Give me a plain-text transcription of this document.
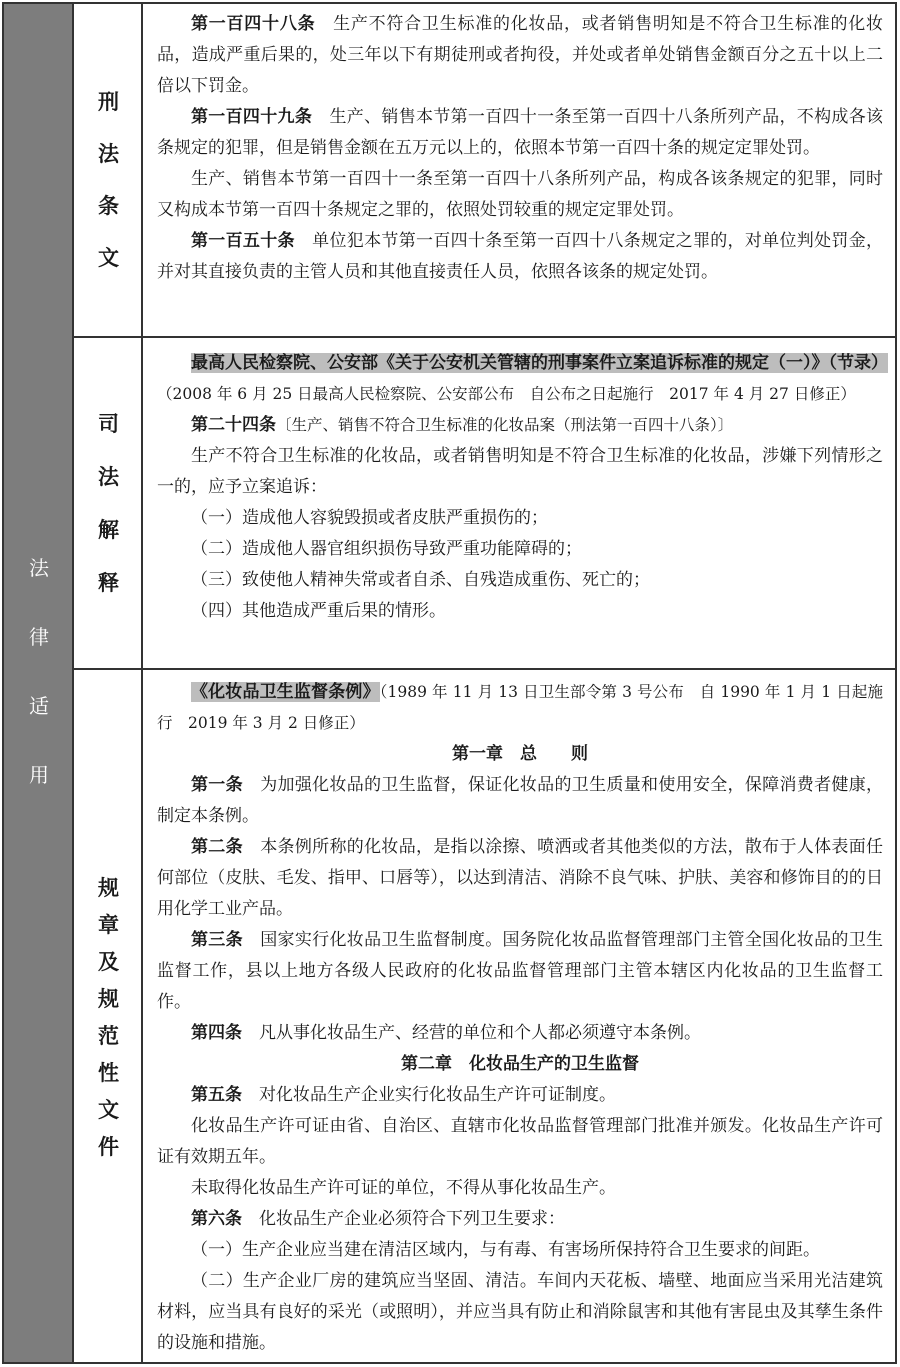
法
律
适
用
刑
法
条
文

第一百四十八条　 生产不符合卫生标准的化妆品，或者销售明知是不符合卫生标准的化妆品，造成严重后果的，处三年以下有期徒刑或者拘役，并处或者单处销售金额百分之五十以上二倍以下罚金。

第一百四十九条　 生产、销售本节第一百四十一条至第一百四十八条所列产品，不构成各该条规定的犯罪，但是销售金额在五万元以上的，依照本节第一百四十条的规定定罪处罚。

生产、销售本节第一百四十一条至第一百四十八条所列产品，构成各该条规定的犯罪，同时又构成本节第一百四十条规定之罪的，依照处罚较重的规定定罪处罚。

第一百五十条　 单位犯本节第一百四十条至第一百四十八条规定之罪的，对单位判处罚金，并对其直接负责的主管人员和其他直接责任人员，依照各该条的规定处罚。

司
法
解
释

最高人民检察院、公安部《关于公安机关管辖的刑事案件立案追诉标准的规定（一）》（节录）（2008 年 6 月 25 日最高人民检察院、公安部公布　自公布之日起施行　2017 年 4 月 27 日修正）

第二十四条〔生产、销售不符合卫生标准的化妆品案（刑法第一百四十八条）〕

生产不符合卫生标准的化妆品，或者销售明知是不符合卫生标准的化妆品，涉嫌下列情形之一的，应予立案追诉：

（一）造成他人容貌毁损或者皮肤严重损伤的；

（二）造成他人器官组织损伤导致严重功能障碍的；

（三）致使他人精神失常或者自杀、自残造成重伤、死亡的；

（四）其他造成严重后果的情形。

规
章
及
规
范
性
文
件

《化妆品卫生监督条例》（1989 年 11 月 13 日卫生部令第 3 号公布　自 1990 年 1 月 1 日起施行　2019 年 3 月 2 日修正）

第一章　总　　则

第一条　 为加强化妆品的卫生监督，保证化妆品的卫生质量和使用安全，保障消费者健康，制定本条例。

第二条　 本条例所称的化妆品，是指以涂擦、喷洒或者其他类似的方法，散布于人体表面任何部位（皮肤、毛发、指甲、口唇等），以达到清洁、消除不良气味、护肤、美容和修饰目的的日用化学工业产品。

第三条　 国家实行化妆品卫生监督制度。国务院化妆品监督管理部门主管全国化妆品的卫生监督工作，县以上地方各级人民政府的化妆品监督管理部门主管本辖区内化妆品的卫生监督工作。

第四条　 凡从事化妆品生产、经营的单位和个人都必须遵守本条例。

第二章　化妆品生产的卫生监督

第五条　 对化妆品生产企业实行化妆品生产许可证制度。

化妆品生产许可证由省、自治区、直辖市化妆品监督管理部门批准并颁发。化妆品生产许可证有效期五年。

未取得化妆品生产许可证的单位，不得从事化妆品生产。

第六条　 化妆品生产企业必须符合下列卫生要求：

（一）生产企业应当建在清洁区域内，与有毒、有害场所保持符合卫生要求的间距。

（二）生产企业厂房的建筑应当坚固、清洁。车间内天花板、墙壁、地面应当采用光洁建筑材料，应当具有良好的采光（或照明），并应当具有防止和消除鼠害和其他有害昆虫及其孳生条件的设施和措施。
